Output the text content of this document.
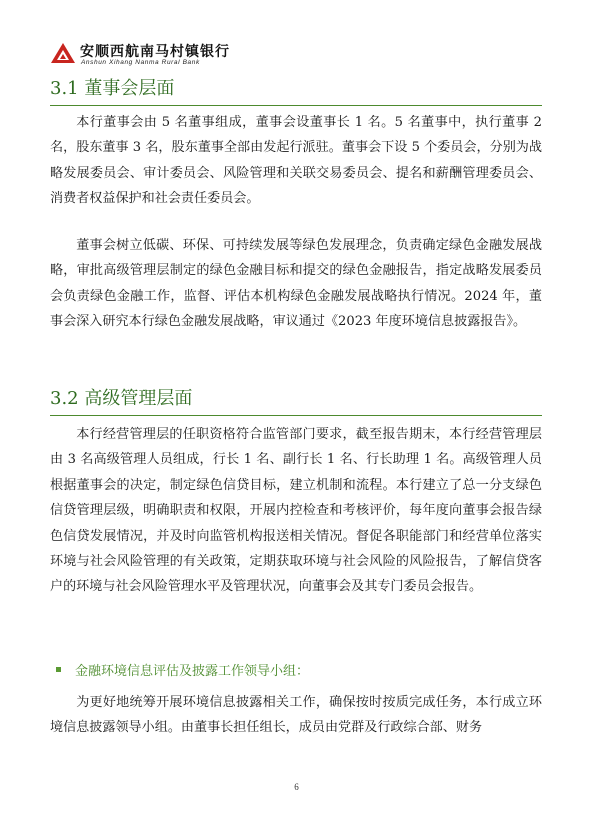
安顺西航南马村镇银行
Anshun Xihang Nanma Rural Bank
3.1 董事会层面

本行董事会由 5 名董事组成，董事会设董事长 1 名。5 名董事中，执行董事 2 名，股东董事 3 名，股东董事全部由发起行派驻。董事会下设 5 个委员会，分别为战略发展委员会、审计委员会、风险管理和关联交易委员会、提名和薪酬管理委员会、消费者权益保护和社会责任委员会。

董事会树立低碳、环保、可持续发展等绿色发展理念，负责确定绿色金融发展战略，审批高级管理层制定的绿色金融目标和提交的绿色金融报告，指定战略发展委员会负责绿色金融工作，监督、评估本机构绿色金融发展战略执行情况。2024 年，董事会深入研究本行绿色金融发展战略，审议通过《2023 年度环境信息披露报告》。

3.2 高级管理层面

本行经营管理层的任职资格符合监管部门要求，截至报告期末，本行经营管理层由 3 名高级管理人员组成，行长 1 名、副行长 1 名、行长助理 1 名。高级管理人员根据董事会的决定，制定绿色信贷目标，建立机制和流程。本行建立了总一分支绿色信贷管理层级，明确职责和权限，开展内控检查和考核评价，每年度向董事会报告绿色信贷发展情况，并及时向监管机构报送相关情况。督促各职能部门和经营单位落实环境与社会风险管理的有关政策，定期获取环境与社会风险的风险报告，了解信贷客户的环境与社会风险管理水平及管理状况，向董事会及其专门委员会报告。

金融环境信息评估及披露工作领导小组：

为更好地统筹开展环境信息披露相关工作，确保按时按质完成任务，本行成立环境信息披露领导小组。由董事长担任组长，成员由党群及行政综合部、财务

6
